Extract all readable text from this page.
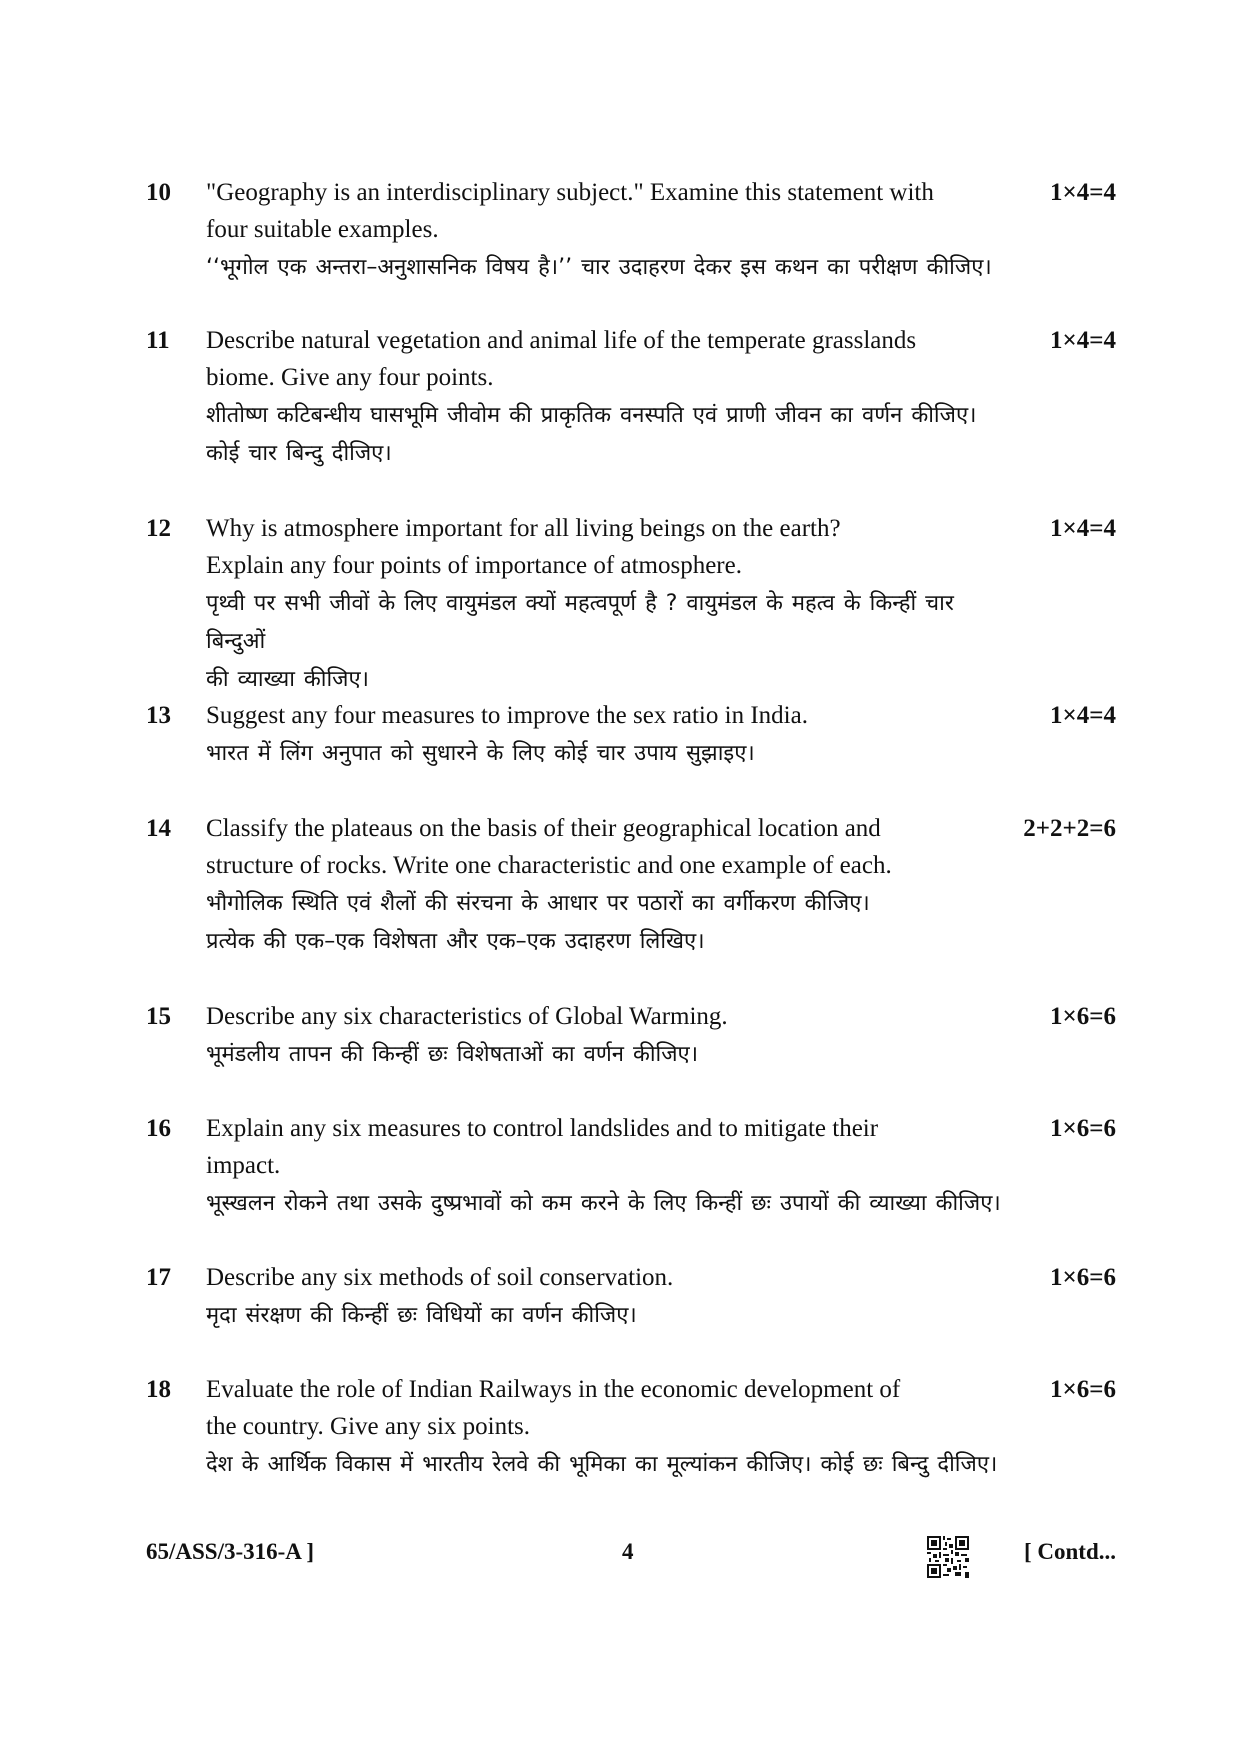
10 "Geography is an interdisciplinary subject." Examine this statement with
four suitable examples.
‘‘भूगोल एक अन्तरा–अनुशासनिक विषय है।’’ चार उदाहरण देकर इस कथन का परीक्षण कीजिए।
1×4=4
11 Describe natural vegetation and animal life of the temperate grasslands
biome. Give any four points.
शीतोष्ण कटिबन्धीय घासभूमि जीवोम की प्राकृतिक वनस्पति एवं प्राणी जीवन का वर्णन कीजिए।
कोई चार बिन्दु दीजिए।
1×4=4
12 Why is atmosphere important for all living beings on the earth?
Explain any four points of importance of atmosphere.
पृथ्वी पर सभी जीवों के लिए वायुमंडल क्यों महत्वपूर्ण है ? वायुमंडल के महत्व के किन्हीं चार बिन्दुओं
की व्याख्या कीजिए।
1×4=4
13 Suggest any four measures to improve the sex ratio in India.
भारत में लिंग अनुपात को सुधारने के लिए कोई चार उपाय सुझाइए।
1×4=4
14 Classify the plateaus on the basis of their geographical location and
structure of rocks. Write one characteristic and one example of each.
भौगोलिक स्थिति एवं शैलों की संरचना के आधार पर पठारों का वर्गीकरण कीजिए।
प्रत्येक की एक–एक विशेषता और एक–एक उदाहरण लिखिए।
2+2+2=6
15 Describe any six characteristics of Global Warming.
भूमंडलीय तापन की किन्हीं छः विशेषताओं का वर्णन कीजिए।
1×6=6
16 Explain any six measures to control landslides and to mitigate their
impact.
भूस्खलन रोकने तथा उसके दुष्प्रभावों को कम करने के लिए किन्हीं छः उपायों की व्याख्या कीजिए।
1×6=6
17 Describe any six methods of soil conservation.
मृदा संरक्षण की किन्हीं छः विधियों का वर्णन कीजिए।
1×6=6
18 Evaluate the role of Indian Railways in the economic development of
the country. Give any six points.
देश के आर्थिक विकास में भारतीय रेलवे की भूमिका का मूल्यांकन कीजिए। कोई छः बिन्दु दीजिए।
1×6=6
65/ASS/3-316-A ]	4	[ Contd...
